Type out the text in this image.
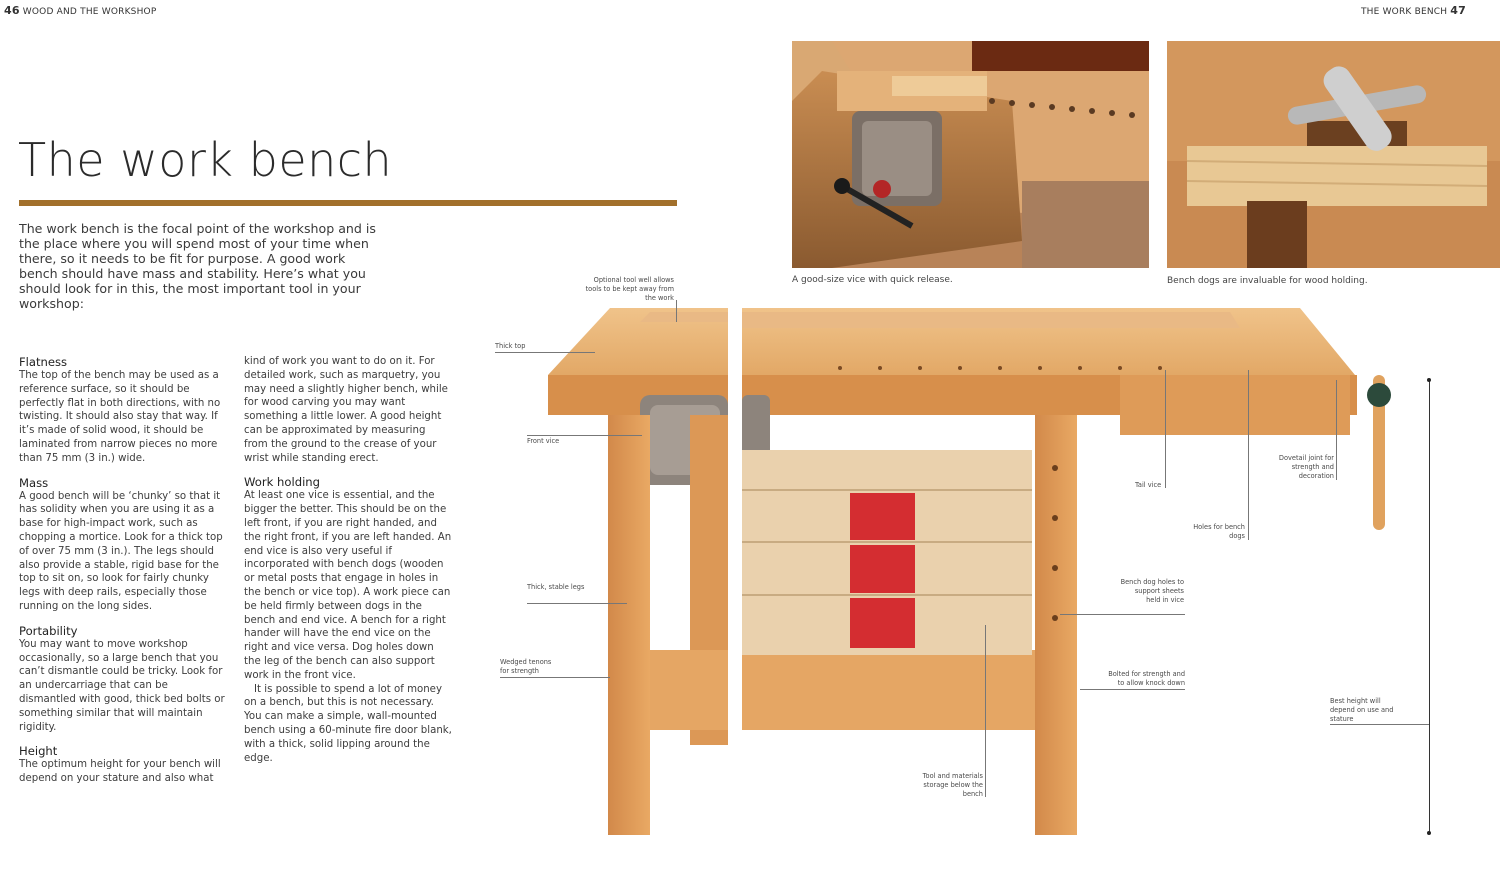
46 WOOD AND THE WORKSHOP	THE WORK BENCH 47
The work bench
The work bench is the focal point of the workshop and is the place where you will spend most of your time when there, so it needs to be fit for purpose. A good work bench should have mass and stability. Here’s what you should look for in this, the most important tool in your workshop:
Flatness

The top of the bench may be used as a reference surface, so it should be perfectly flat in both directions, with no twisting. It should also stay that way. If it’s made of solid wood, it should be laminated from narrow pieces no more than 75 mm (3 in.) wide.

Mass

A good bench will be ‘chunky’ so that it has solidity when you are using it as a base for high-impact work, such as chopping a mortice. Look for a thick top of over 75 mm (3 in.). The legs should also provide a stable, rigid base for the top to sit on, so look for fairly chunky legs with deep rails, especially those running on the long sides.

Portability

You may want to move workshop occasionally, so a large bench that you can’t dismantle could be tricky. Look for an undercarriage that can be dismantled with good, thick bed bolts or something similar that will maintain rigidity.

Height

The optimum height for your bench will depend on your stature and also what

kind of work you want to do on it. For detailed work, such as marquetry, you may need a slightly higher bench, while for wood carving you may want something a little lower. A good height can be approximated by measuring from the ground to the crease of your wrist while standing erect.

Work holding

At least one vice is essential, and the bigger the better. This should be on the left front, if you are right handed, and the right front, if you are left handed. An end vice is also very useful if incorporated with bench dogs (wooden or metal posts that engage in holes in the bench or vice top). A work piece can be held firmly between dogs in the bench and end vice. A bench for a right hander will have the end vice on the right and vice versa. Dog holes down the leg of the bench can also support work in the front vice.

It is possible to spend a lot of money on a bench, but this is not necessary. You can make a simple, wall-mounted bench using a 60-minute fire door blank, with a thick, solid lipping around the edge.

A good-size vice with quick release.	Bench dogs are invaluable for wood holding.
Optional tool well allows tools to be kept away from the work
Thick top
Front vice
Thick, stable legs
Wedged tenons for strength
Tool and materials storage below the bench
Tail vice
Holes for bench dogs
Dovetail joint for strength and decoration
Bench dog holes to support sheets held in vice
Bolted for strength and to allow knock down
Best height will depend on use and stature
